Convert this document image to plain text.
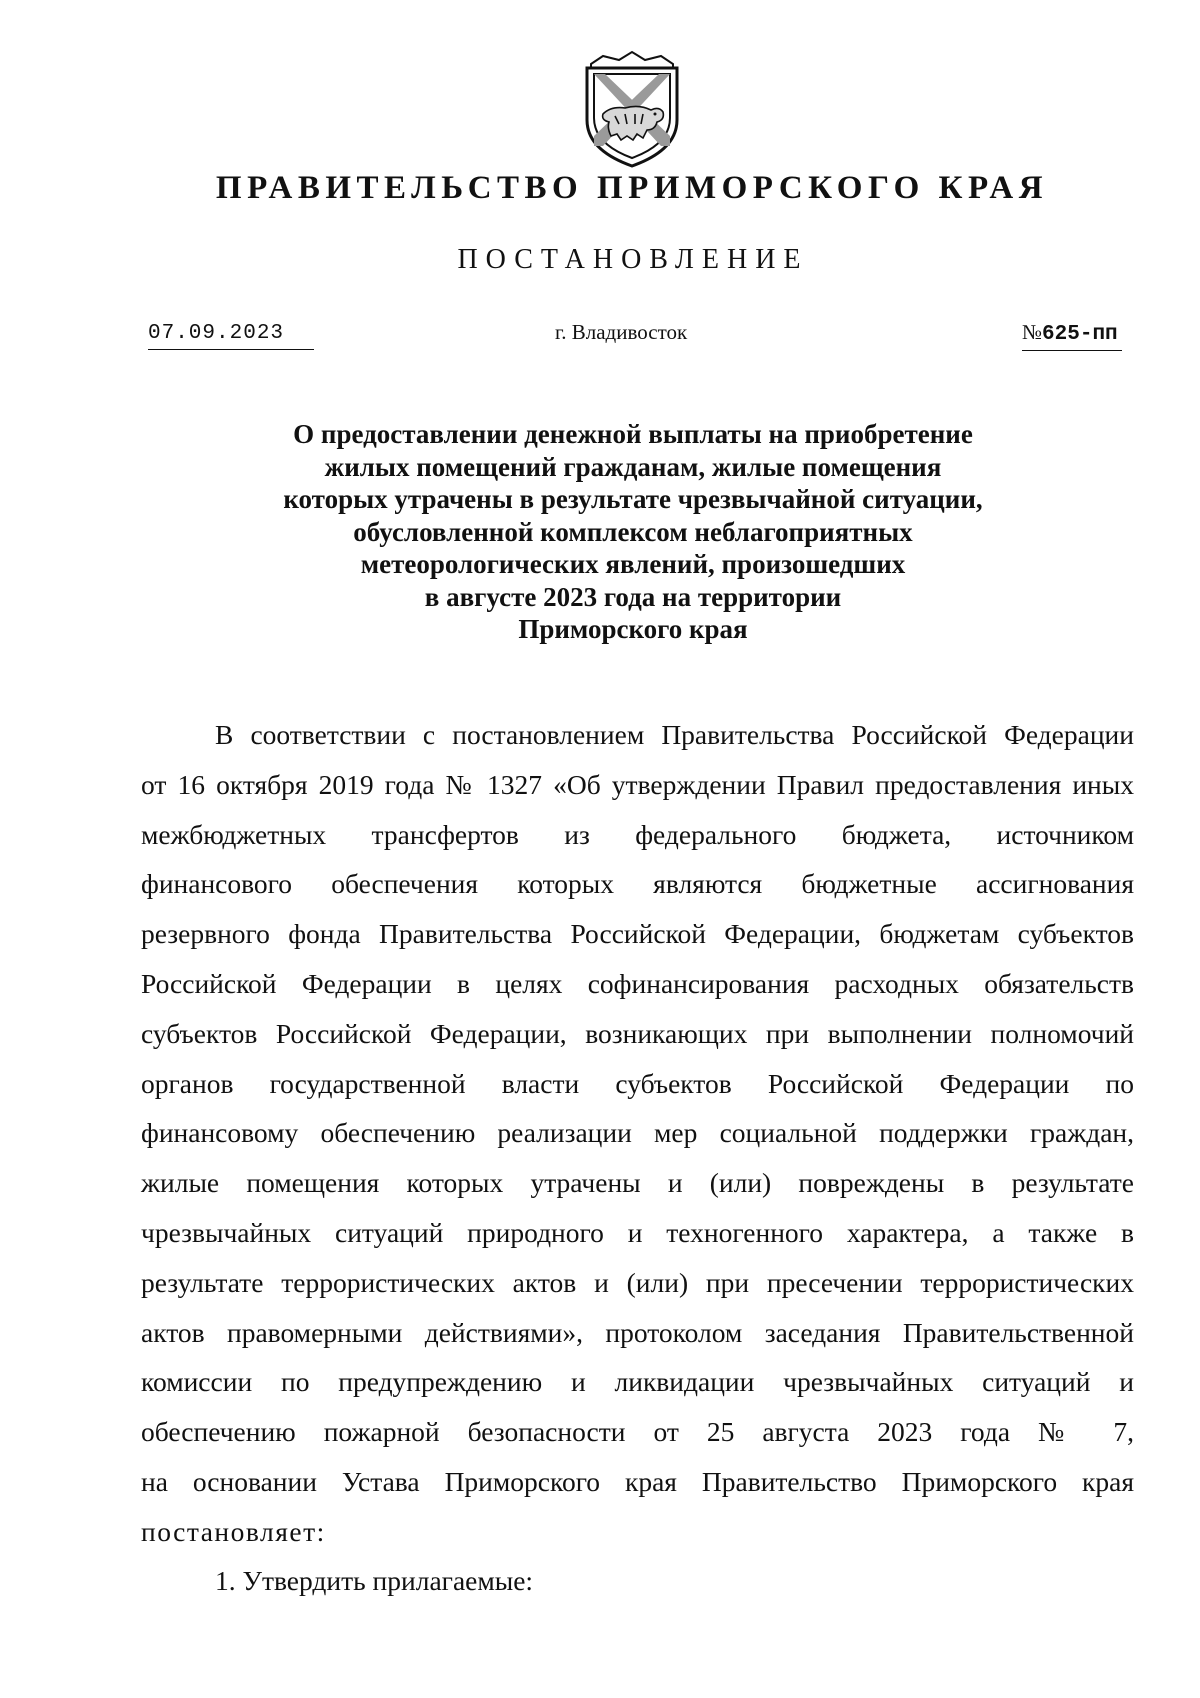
ПРАВИТЕЛЬСТВО ПРИМОРСКОГО КРАЯ
ПОСТАНОВЛЕНИЕ
07.09.2023	г. Владивосток	№625-пп
О предоставлении денежной выплаты на приобретение
жилых помещений гражданам, жилые помещения
которых утрачены в результате чрезвычайной ситуации,
обусловленной комплексом неблагоприятных
метеорологических явлений, произошедших
в августе 2023 года на территории
Приморского края
В соответствии с постановлением Правительства Российской Федерации
от 16 октября 2019 года № 1327 «Об утверждении Правил предоставления иных
межбюджетных трансфертов из федерального бюджета, источником
финансового обеспечения которых являются бюджетные ассигнования
резервного фонда Правительства Российской Федерации, бюджетам субъектов
Российской Федерации в целях софинансирования расходных обязательств
субъектов Российской Федерации, возникающих при выполнении полномочий
органов государственной власти субъектов Российской Федерации по
финансовому обеспечению реализации мер социальной поддержки граждан,
жилые помещения которых утрачены и (или) повреждены в результате
чрезвычайных ситуаций природного и техногенного характера, а также в
результате террористических актов и (или) при пресечении террористических
актов правомерными действиями», протоколом заседания Правительственной
комиссии по предупреждению и ликвидации чрезвычайных ситуаций и
обеспечению пожарной безопасности от 25 августа 2023 года № 7,
на основании Устава Приморского края Правительство Приморского края
постановляет:
1. Утвердить прилагаемые:
